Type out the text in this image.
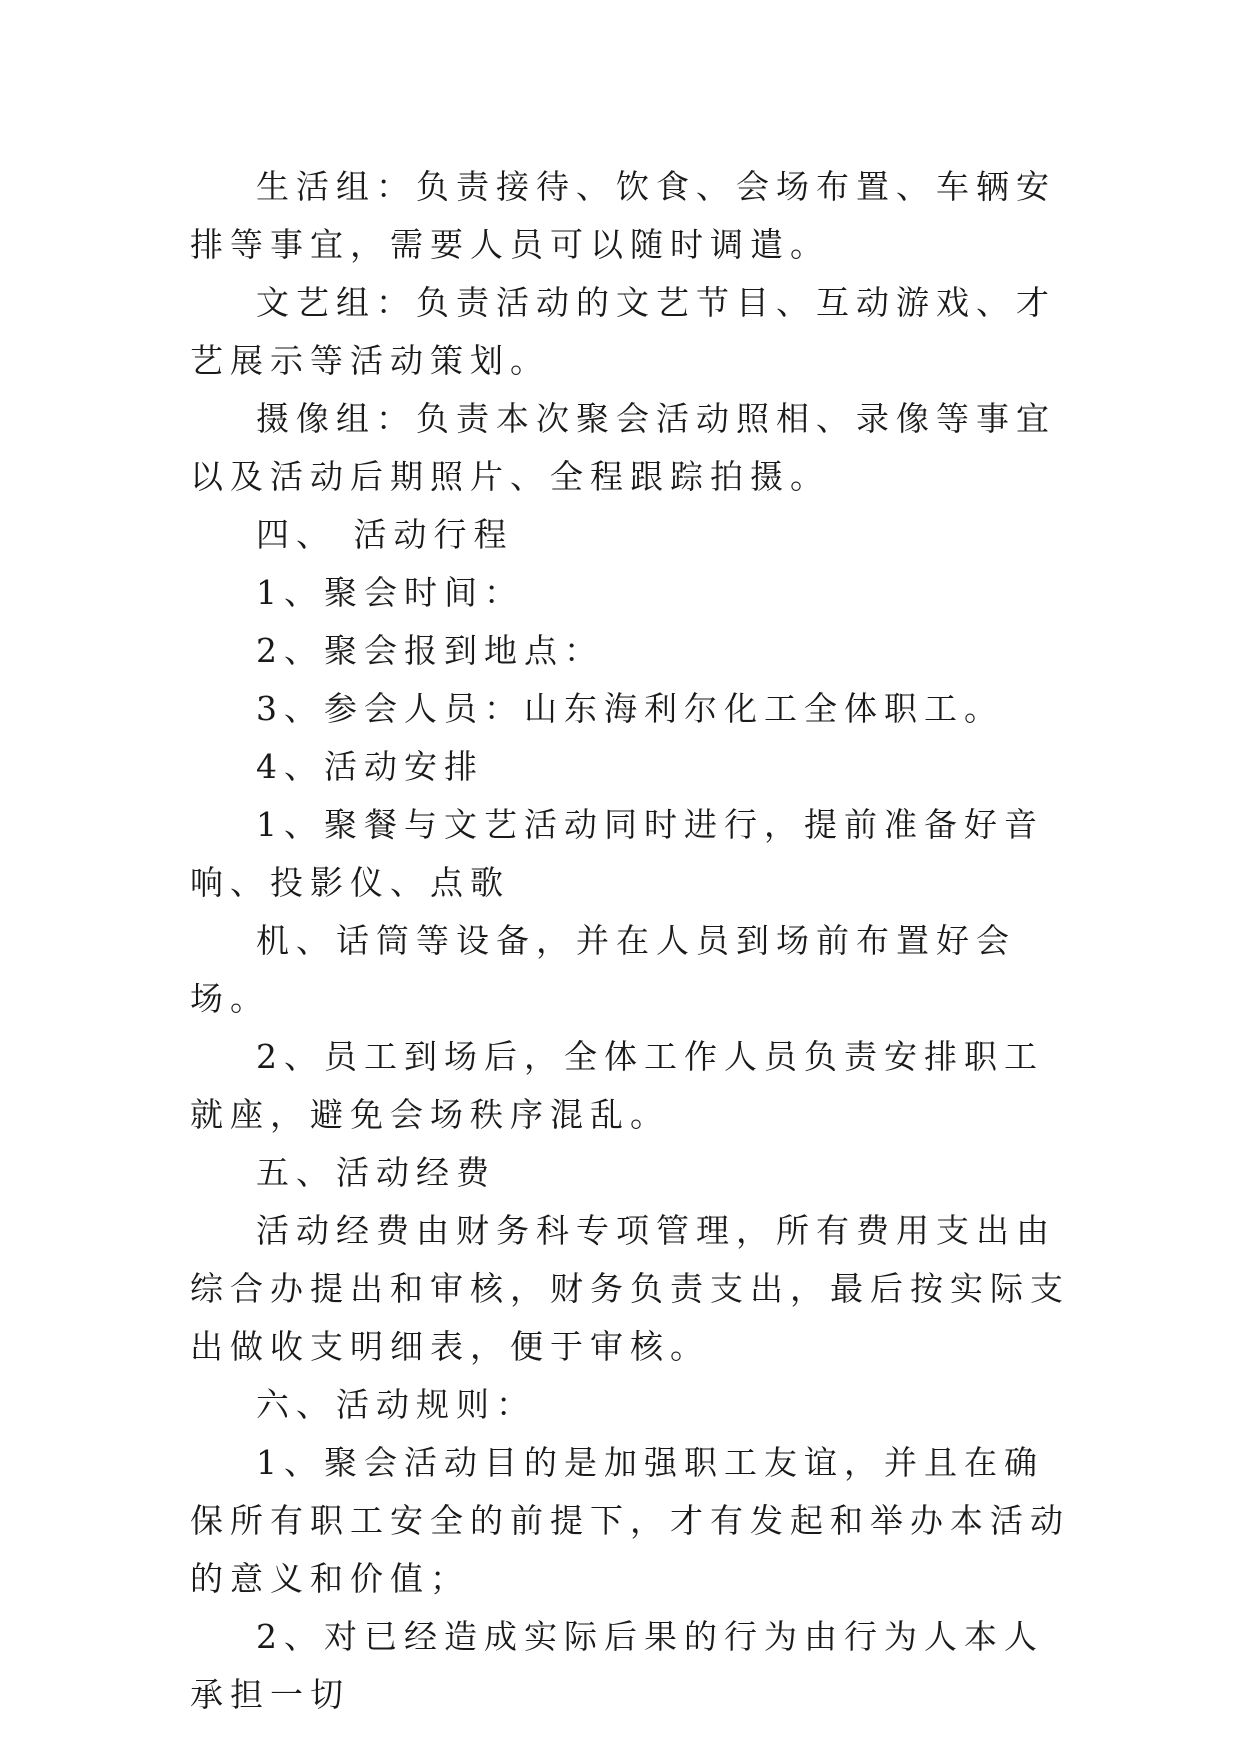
生活组：负责接待、饮食、会场布置、车辆安排等事宜，需要人员可以随时调遣。

文艺组：负责活动的文艺节目、互动游戏、才艺展示等活动策划。

摄像组：负责本次聚会活动照相、录像等事宜以及活动后期照片、全程跟踪拍摄。

四、 活动行程

1、聚会时间：

2、聚会报到地点：

3、参会人员：山东海利尔化工全体职工。

4、活动安排

1、聚餐与文艺活动同时进行，提前准备好音响、投影仪、点歌

机、话筒等设备，并在人员到场前布置好会场。

2、员工到场后，全体工作人员负责安排职工就座，避免会场秩序混乱。

五、活动经费

活动经费由财务科专项管理，所有费用支出由综合办提出和审核，财务负责支出，最后按实际支出做收支明细表，便于审核。

六、活动规则：

1、聚会活动目的是加强职工友谊，并且在确保所有职工安全的前提下，才有发起和举办本活动的意义和价值；

2、对已经造成实际后果的行为由行为人本人承担一切
